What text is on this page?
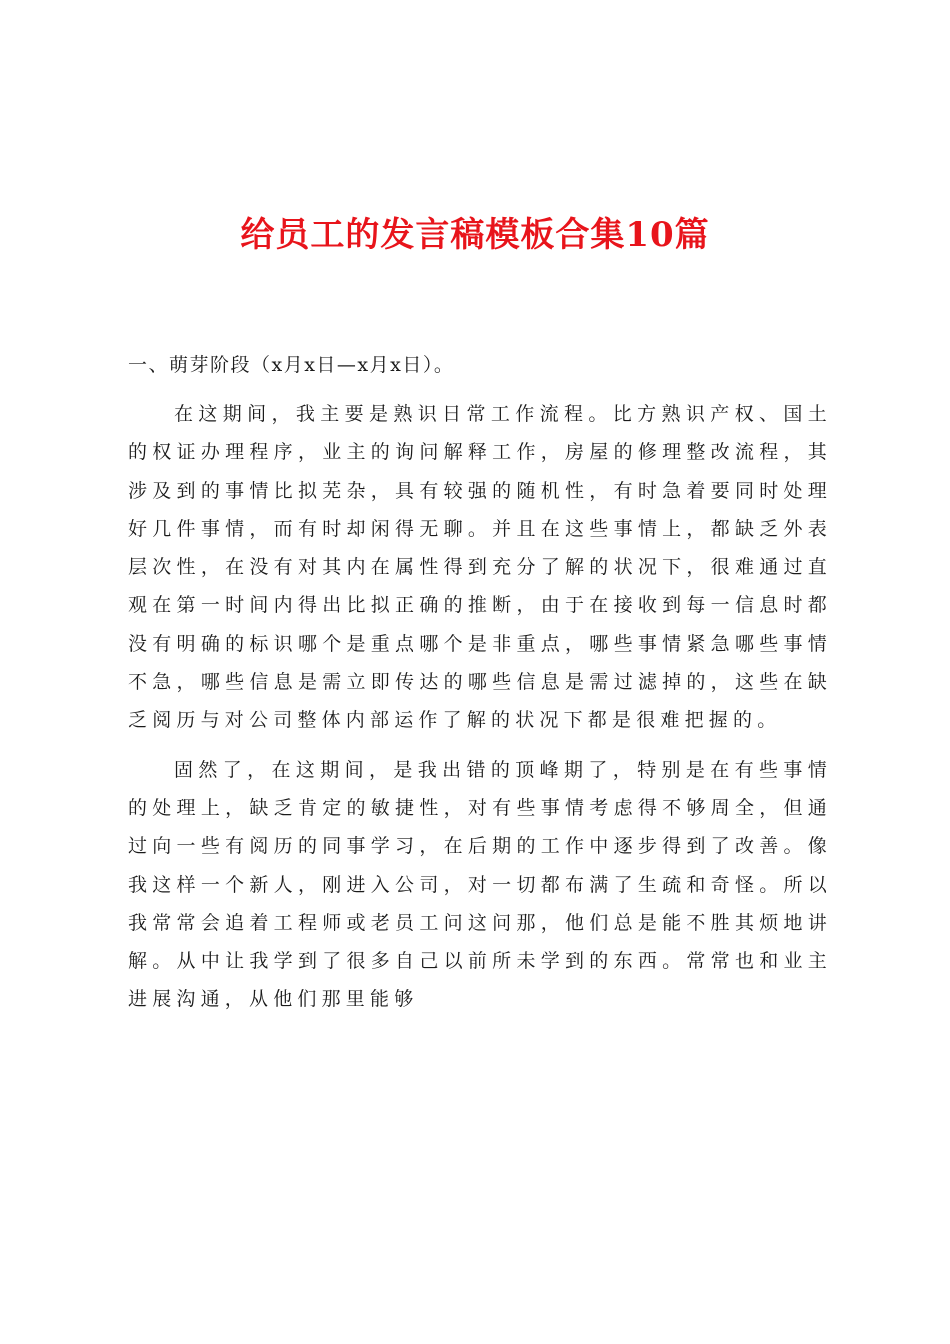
给员工的发言稿模板合集10篇

一、萌芽阶段（x月x日—x月x日）。

在这期间，我主要是熟识日常工作流程。比方熟识产权、国土的权证办理程序，业主的询问解释工作，房屋的修理整改流程，其涉及到的事情比拟芜杂，具有较强的随机性，有时急着要同时处理好几件事情，而有时却闲得无聊。并且在这些事情上，都缺乏外表层次性，在没有对其内在属性得到充分了解的状况下，很难通过直观在第一时间内得出比拟正确的推断，由于在接收到每一信息时都没有明确的标识哪个是重点哪个是非重点，哪些事情紧急哪些事情不急，哪些信息是需立即传达的哪些信息是需过滤掉的，这些在缺乏阅历与对公司整体内部运作了解的状况下都是很难把握的。

固然了，在这期间，是我出错的顶峰期了，特别是在有些事情的处理上，缺乏肯定的敏捷性，对有些事情考虑得不够周全，但通过向一些有阅历的同事学习，在后期的工作中逐步得到了改善。像我这样一个新人，刚进入公司，对一切都布满了生疏和奇怪。所以我常常会追着工程师或老员工问这问那，他们总是能不胜其烦地讲解。从中让我学到了很多自己以前所未学到的东西。常常也和业主进展沟通，从他们那里能够
